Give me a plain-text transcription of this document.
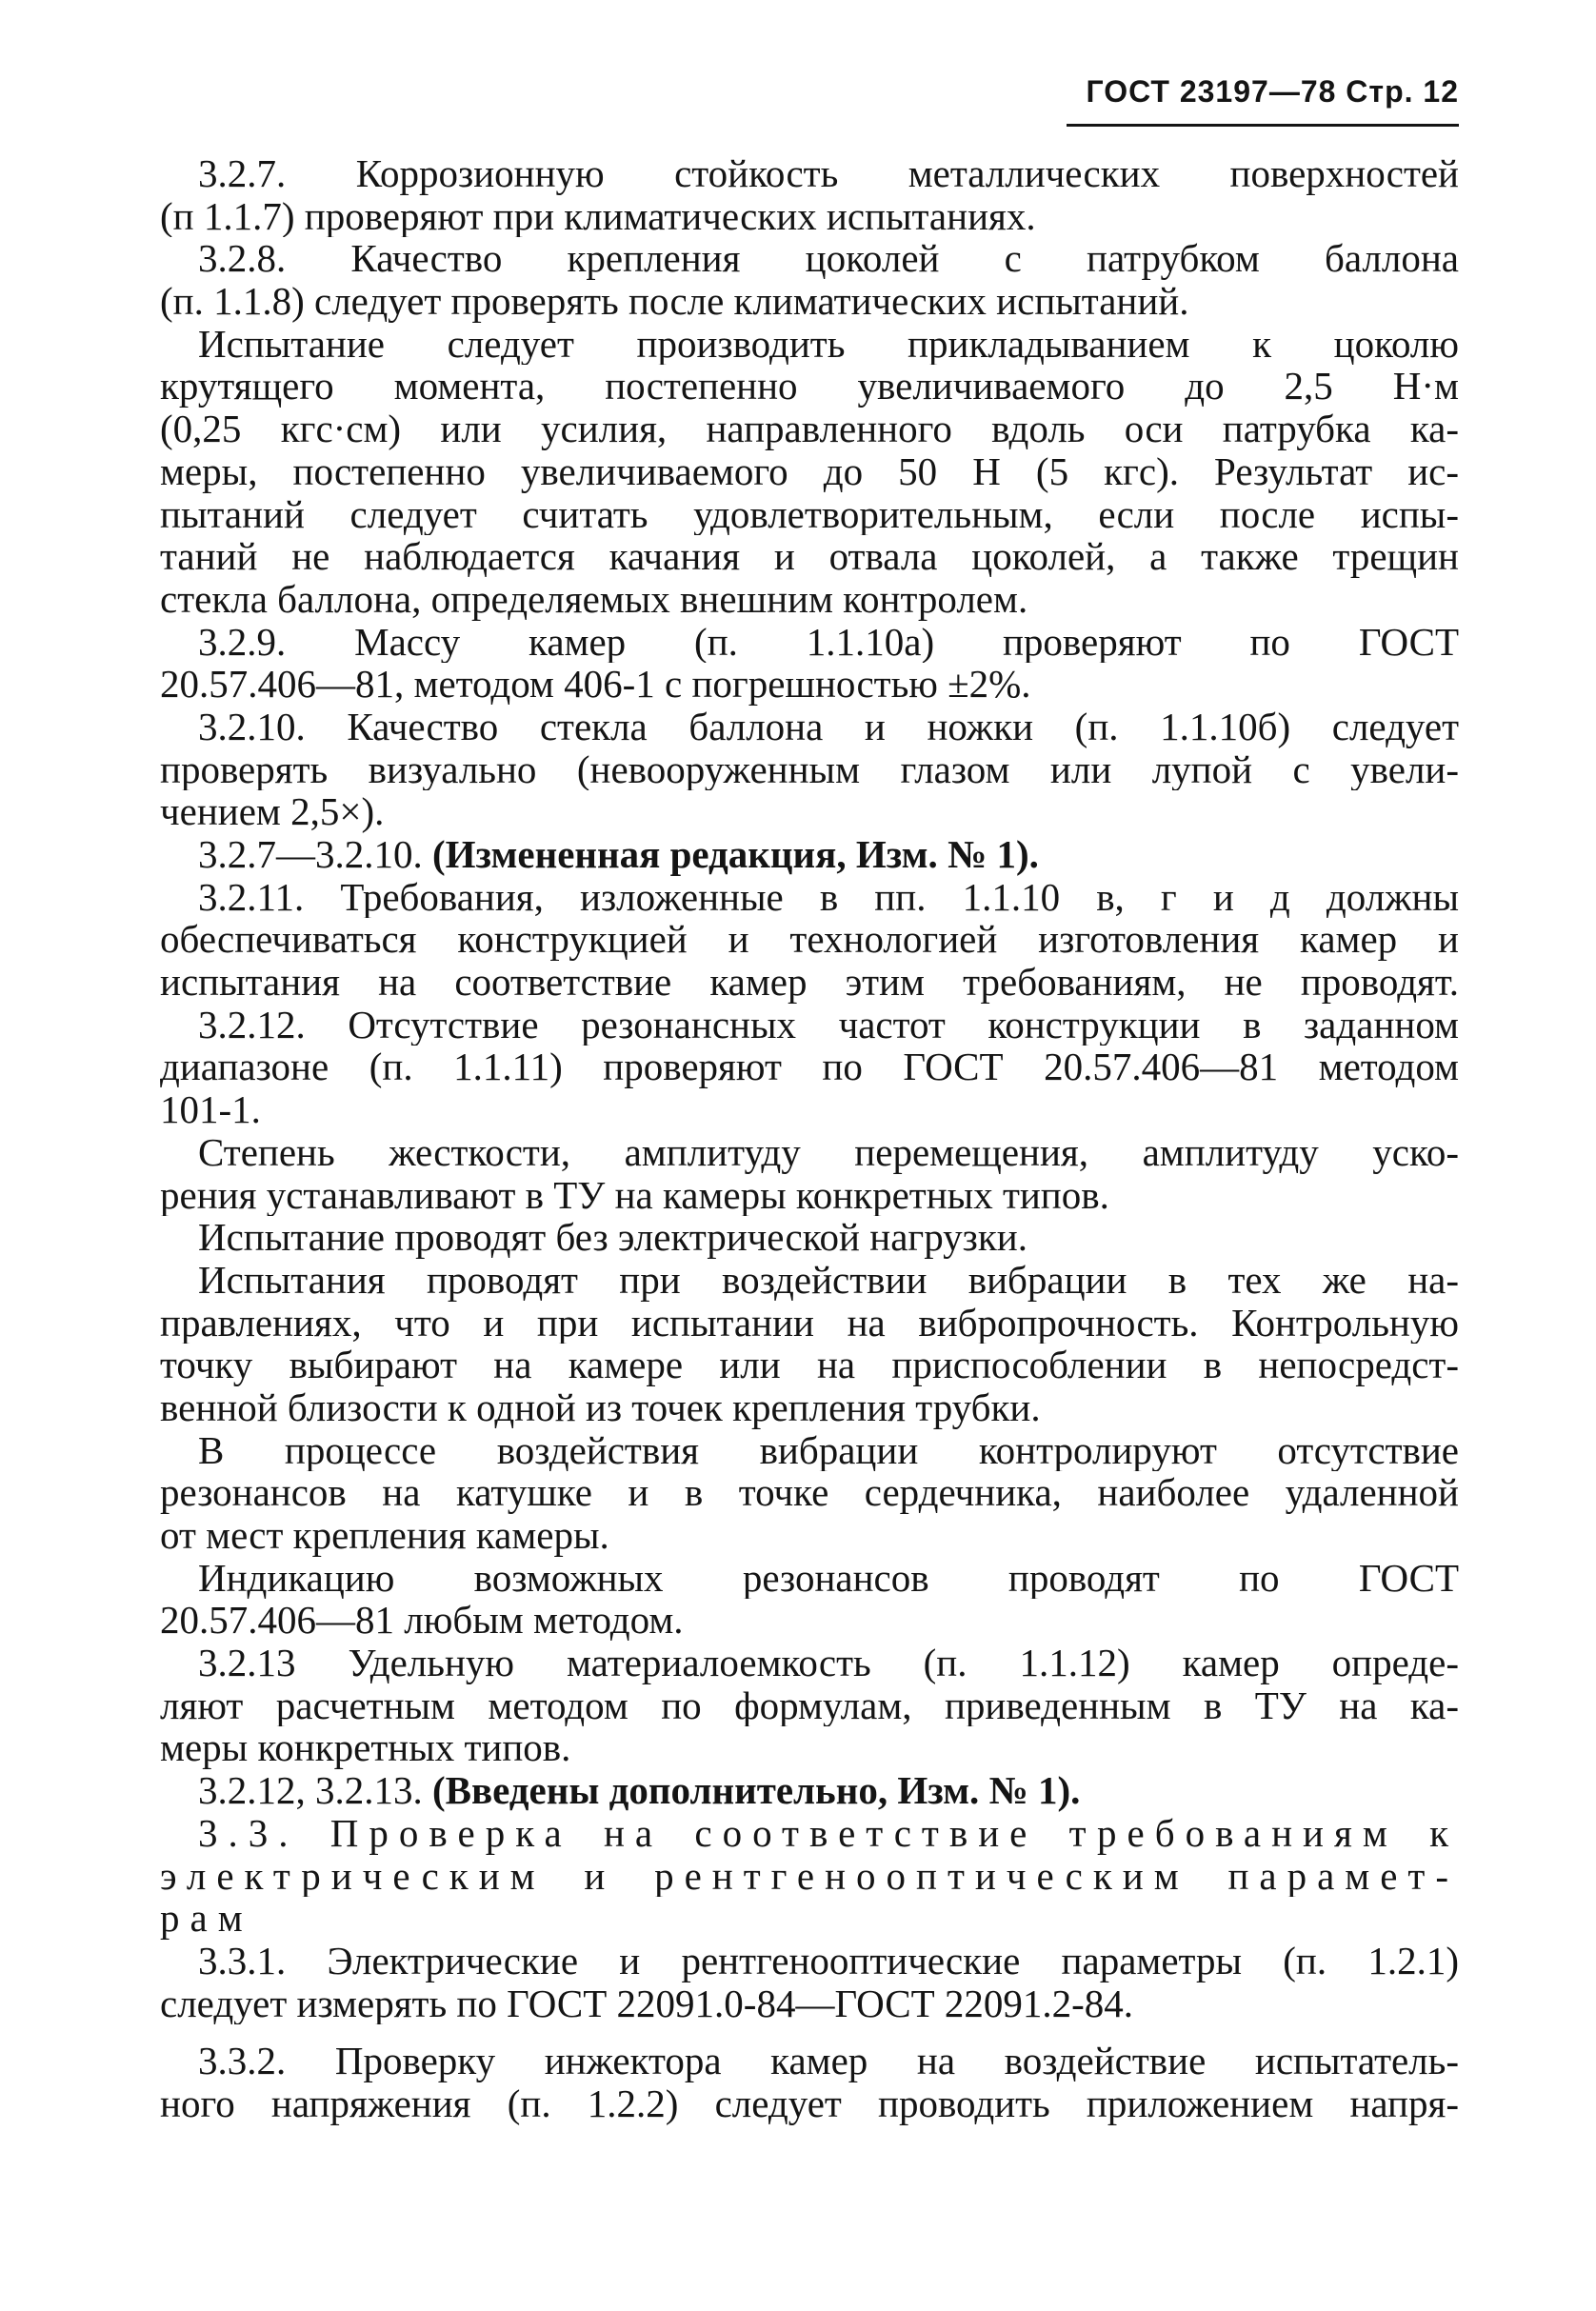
ГОСТ 23197—78 Стр. 12
3.2.7. Коррозионную стойкость металлических поверхностей
(п 1.1.7) проверяют при климатических испытаниях.
3.2.8. Качество крепления цоколей с патрубком баллона
(п. 1.1.8) следует проверять после климатических испытаний.
Испытание следует производить прикладыванием к цоколю
крутящего момента, постепенно увеличиваемого до 2,5 Н·м
(0,25 кгс·см) или усилия, направленного вдоль оси патрубка ка-
меры, постепенно увеличиваемого до 50 Н (5 кгс). Результат ис-
пытаний следует считать удовлетворительным, если после испы-
таний не наблюдается качания и отвала цоколей, а также трещин
стекла баллона, определяемых внешним контролем.
3.2.9. Массу камер (п. 1.1.10а) проверяют по ГОСТ
20.57.406—81, методом 406-1 с погрешностью ±2%.
3.2.10. Качество стекла баллона и ножки (п. 1.1.10б) следует
проверять визуально (невооруженным глазом или лупой с увели-
чением 2,5×).
3.2.7—3.2.10. (Измененная редакция, Изм. № 1).
3.2.11. Требования, изложенные в пп. 1.1.10 в, г и д должны
обеспечиваться конструкцией и технологией изготовления камер и
испытания на соответствие камер этим требованиям, не проводят.
3.2.12. Отсутствие резонансных частот конструкции в заданном
диапазоне (п. 1.1.11) проверяют по ГОСТ 20.57.406—81 методом
101-1.
Степень жесткости, амплитуду перемещения, амплитуду уско-
рения устанавливают в ТУ на камеры конкретных типов.
Испытание проводят без электрической нагрузки.
Испытания проводят при воздействии вибрации в тех же на-
правлениях, что и при испытании на вибропрочность. Контрольную
точку выбирают на камере или на приспособлении в непосредст-
венной близости к одной из точек крепления трубки.
В процессе воздействия вибрации контролируют отсутствие
резонансов на катушке и в точке сердечника, наиболее удаленной
от мест крепления камеры.
Индикацию возможных резонансов проводят по ГОСТ
20.57.406—81 любым методом.
3.2.13 Удельную материалоемкость (п. 1.1.12) камер опреде-
ляют расчетным методом по формулам, приведенным в ТУ на ка-
меры конкретных типов.
3.2.12, 3.2.13. (Введены дополнительно, Изм. № 1).
3.3. Проверка на соответствие требованиям к
электрическим и рентгенооптическим парамет-
рам
3.3.1. Электрические и рентгенооптические параметры (п. 1.2.1)
следует измерять по ГОСТ 22091.0-84—ГОСТ 22091.2-84.
3.3.2. Проверку инжектора камер на воздействие испытатель-
ного напряжения (п. 1.2.2) следует проводить приложением напря-
